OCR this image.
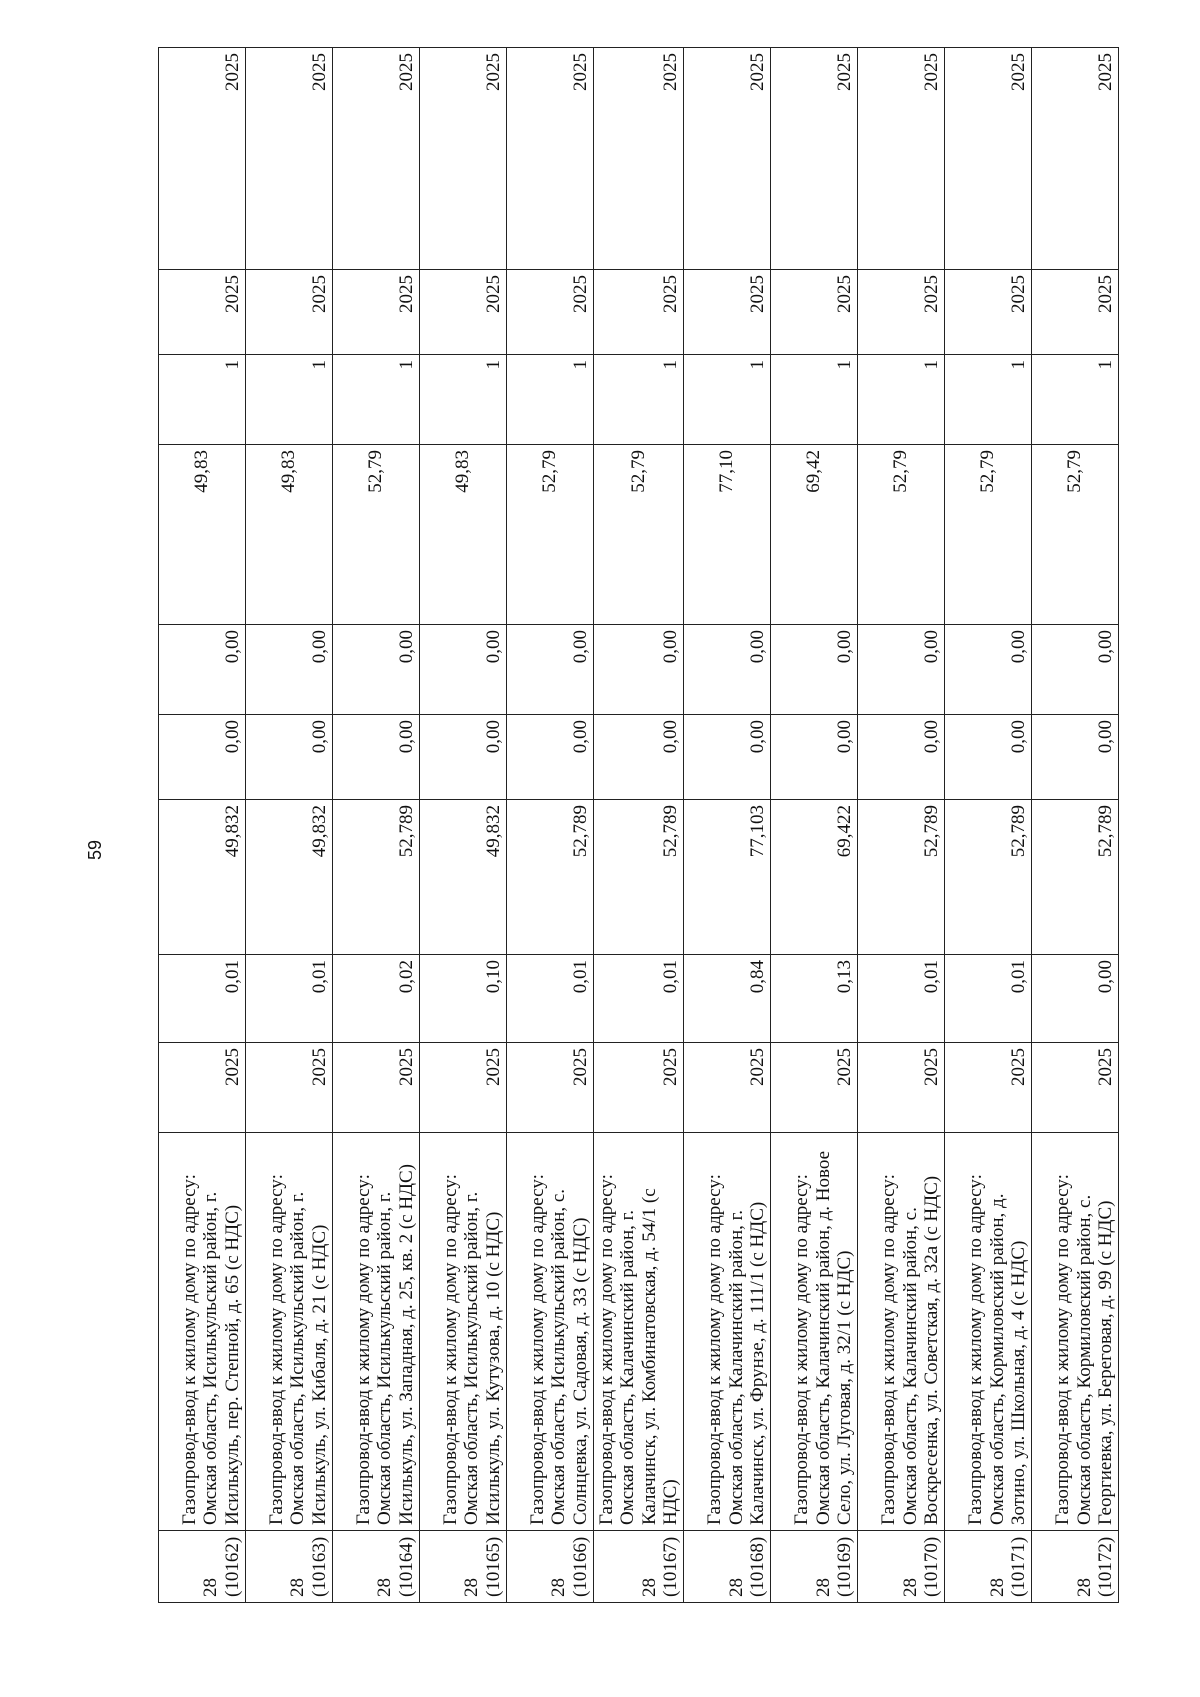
59
28 (10162)	Газопровод-ввод к жилому дому по адресу: Омская область, Исилькульский район, г. Исилькуль, пер. Степной, д. 65 (с НДС)	2025	0,01	49,832	0,00	0,00	49,83	1	2025	2025

28 (10163)	Газопровод-ввод к жилому дому по адресу: Омская область, Исилькульский район, г. Исилькуль, ул. Кибаля, д. 21 (с НДС)	2025	0,01	49,832	0,00	0,00	49,83	1	2025	2025

28 (10164)	Газопровод-ввод к жилому дому по адресу: Омская область, Исилькульский район, г. Исилькуль, ул. Западная, д. 25, кв. 2 (с НДС)	2025	0,02	52,789	0,00	0,00	52,79	1	2025	2025

28 (10165)	Газопровод-ввод к жилому дому по адресу: Омская область, Исилькульский район, г. Исилькуль, ул. Кутузова, д. 10 (с НДС)	2025	0,10	49,832	0,00	0,00	49,83	1	2025	2025

28 (10166)	Газопровод-ввод к жилому дому по адресу: Омская область, Исилькульский район, с. Солнцевка, ул. Садовая, д. 33 (с НДС)	2025	0,01	52,789	0,00	0,00	52,79	1	2025	2025

28 (10167)	Газопровод-ввод к жилому дому по адресу: Омская область, Калачинский район, г. Калачинск, ул. Комбинатовская, д. 54/1 (с НДС)	2025	0,01	52,789	0,00	0,00	52,79	1	2025	2025

28 (10168)	Газопровод-ввод к жилому дому по адресу: Омская область, Калачинский район, г. Калачинск, ул. Фрунзе, д. 111/1 (с НДС)	2025	0,84	77,103	0,00	0,00	77,10	1	2025	2025

28 (10169)	Газопровод-ввод к жилому дому по адресу: Омская область, Калачинский район, д. Новое Село, ул. Луговая, д. 32/1 (с НДС)	2025	0,13	69,422	0,00	0,00	69,42	1	2025	2025

28 (10170)	Газопровод-ввод к жилому дому по адресу: Омская область, Калачинский район, с. Воскресенка, ул. Советская, д. 32а (с НДС)	2025	0,01	52,789	0,00	0,00	52,79	1	2025	2025

28 (10171)	Газопровод-ввод к жилому дому по адресу: Омская область, Кормиловский район, д. Зотино, ул. Школьная, д. 4 (с НДС)	2025	0,01	52,789	0,00	0,00	52,79	1	2025	2025

28 (10172)	Газопровод-ввод к жилому дому по адресу: Омская область, Кормиловский район, с. Георгиевка, ул. Береговая, д. 99 (с НДС)	2025	0,00	52,789	0,00	0,00	52,79	1	2025	2025
